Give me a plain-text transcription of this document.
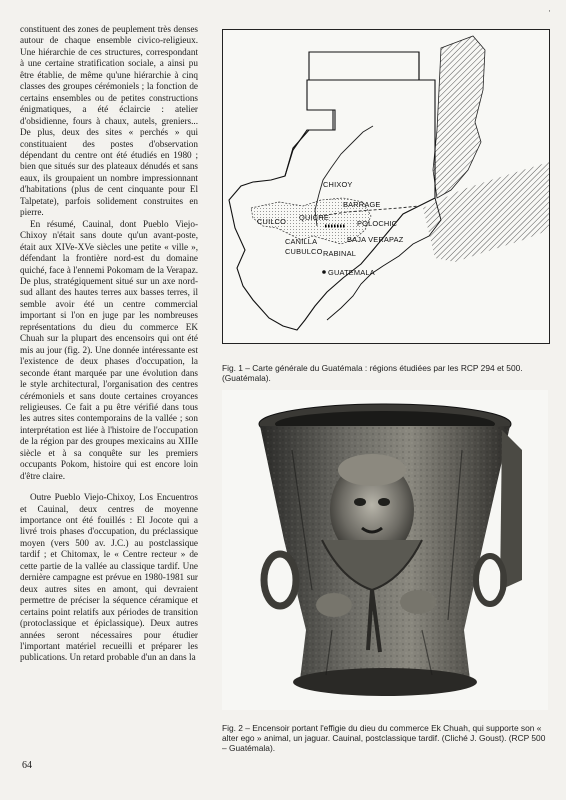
constituent des zones de peuplement très denses autour de chaque ensemble civico-religieux. Une hiérarchie de ces structures, correspondant à une certaine stratification sociale, a ainsi pu être établie, de même qu'une hiérarchie à cinq classes des groupes cérémoniels ; la fonction de certains ensembles ou de petites constructions énigmatiques, a été éclaircie : atelier d'obsidienne, fours à chaux, autels, greniers... De plus, deux des sites « perchés » qui constituaient des postes d'observation dépendant du centre ont été étudiés en 1980 ; bien que situés sur des plateaux dénudés et sans eaux, ils groupaient un nombre impressionnant d'habitations (plus de cent cinquante pour El Talpetate), parfois solidement construites en pierre.

En résumé, Cauinal, dont Pueblo Viejo-Chixoy n'était sans doute qu'un avant-poste, était aux XIVe-XVe siècles une petite « ville », défendant la frontière nord-est du domaine quiché, face à l'ennemi Pokomam de la Verapaz. De plus, stratégiquement situé sur un axe nord-sud allant des hautes terres aux basses terres, il semble avoir été un centre commercial important si l'on en juge par les nombreuses représentations du dieu du commerce EK Chuah sur la plupart des encensoirs qui ont été mis au jour (fig. 2). Une donnée intéressante est l'existence de deux phases d'occupation, la seconde étant marquée par une évolution dans le style architectural, l'organisation des centres cérémoniels et sans doute certaines croyances religieuses. Ce fait a pu être vérifié dans tous les autres sites contemporains de la vallée ; son interprétation est liée à l'histoire de l'occupation de la région par des groupes mexicains au XIIIe siècle et à sa conquête sur les premiers occupants Pokom, histoire qui est encore loin d'être claire.

Outre Pueblo Viejo-Chixoy, Los Encuentros et Cauinal, deux centres de moyenne importance ont été fouillés : El Jocote qui a livré trois phases d'occupation, du préclassique moyen (vers 500 av. J.C.) au postclassique tardif ; et Chitomax, le « Centre recteur » de cette partie de la vallée au classique tardif. Une dernière campagne est prévue en 1980-1981 sur deux autres sites en amont, qui devraient permettre de préciser la séquence céramique et certains point relatifs aux périodes de transition (protoclassique et épiclassique). Deux autres années seront nécessaires pour étudier l'important matériel recueilli et préparer les publications. Un retard probable d'un an dans la

CHIXOY
QUICHE
BARRAGE
POLOCHIC
CUILCO
CANILLA	BAJA VERAPAZ
CUBULCO RABINAL
GUATEMALA
Fig. 1 – Carte générale du Guatémala : régions étudiées par les RCP 294 et 500. (Guatémala).
Fig. 2 – Encensoir portant l'effigie du dieu du commerce Ek Chuah, qui supporte son « alter ego » animal, un jaguar. Cauinal, postclassique tardif. (Cliché J. Goust). (RCP 500 – Guatémala).
64
·
